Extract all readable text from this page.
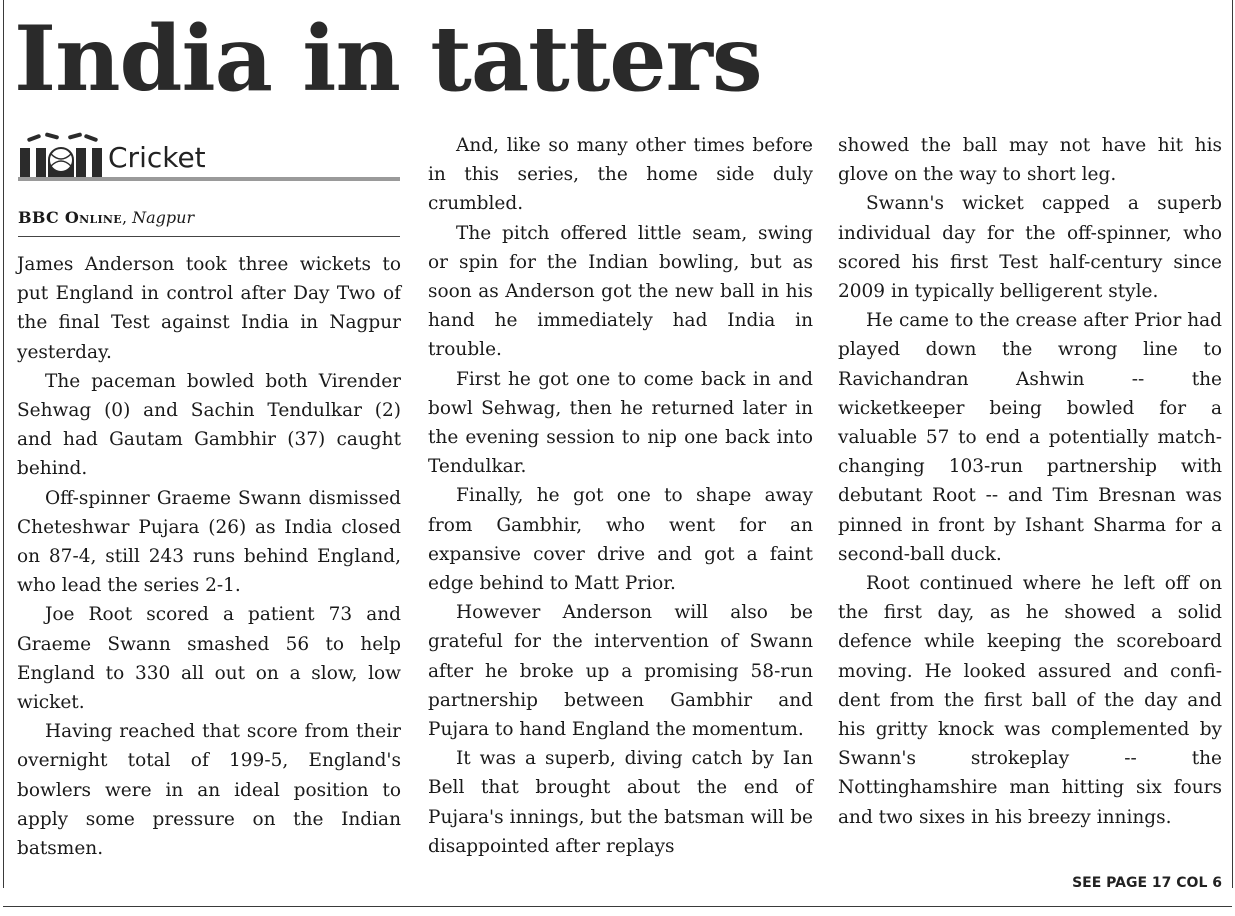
India in tatters
Cricket
BBC Online, Nagpur

James Anderson took three wickets to put England in control after Day Two of the final Test against India in Nagpur yesterday.

The paceman bowled both Virender Sehwag (0) and Sachin Tendulkar (2) and had Gautam Gambhir (37) caught behind.

Off-spinner Graeme Swann dismissed Cheteshwar Pujara (26) as India closed on 87-4, still 243 runs behind England, who lead the series 2-1.

Joe Root scored a patient 73 and Graeme Swann smashed 56 to help England to 330 all out on a slow, low wicket.

Having reached that score from their overnight total of 199-5, England's bowlers were in an ideal position to apply some pressure on the Indian batsmen.

And, like so many other times before in this series, the home side duly crumbled.

The pitch offered little seam, swing or spin for the Indian bowling, but as soon as Anderson got the new ball in his hand he immediately had India in trouble.

First he got one to come back in and bowl Sehwag, then he returned later in the evening session to nip one back into Tendulkar.

Finally, he got one to shape away from Gambhir, who went for an expansive cover drive and got a faint edge behind to Matt Prior.

However Anderson will also be grateful for the intervention of Swann after he broke up a promising 58-run partnership between Gambhir and Pujara to hand England the momentum.

It was a superb, diving catch by Ian Bell that brought about the end of Pujara's innings, but the batsman will be disappointed after replays

showed the ball may not have hit his glove on the way to short leg.

Swann's wicket capped a superb individual day for the off-spinner, who scored his first Test half-century since 2009 in typically belligerent style.

He came to the crease after Prior had played down the wrong line to Ravichandran Ashwin -- the wicketkeeper being bowled for a valuable 57 to end a potentially match-changing 103-run partnership with debutant Root -- and Tim Bresnan was pinned in front by Ishant Sharma for a second-ball duck.

Root continued where he left off on the first day, as he showed a solid defence while keeping the scoreboard moving. He looked assured and confident from the first ball of the day and his gritty knock was complemented by Swann's strokeplay -- the Nottinghamshire man hitting six fours and two sixes in his breezy innings.

SEE PAGE 17 COL 6
